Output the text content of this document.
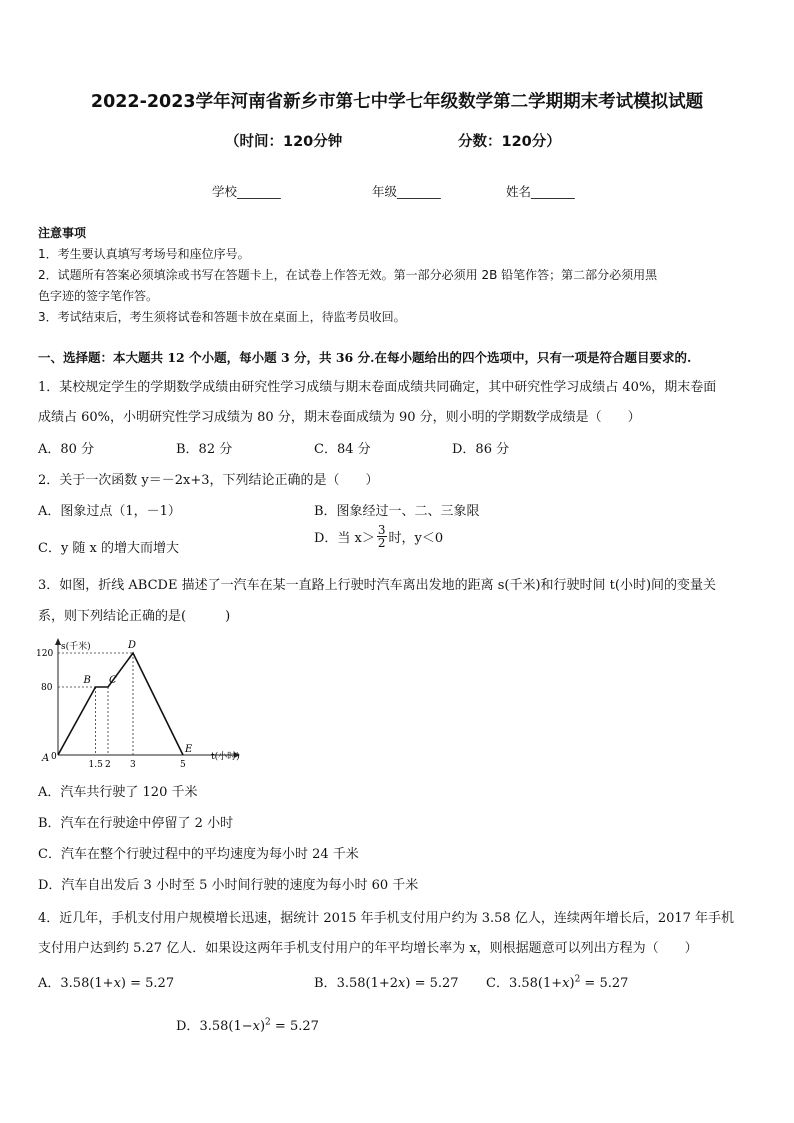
2022-2023学年河南省新乡市第七中学七年级数学第二学期期末考试模拟试题
（时间：120分钟	分数：120分）
学校_______	年级_______	姓名_______
注意事项
1．考生要认真填写考场号和座位序号。
2．试题所有答案必须填涂或书写在答题卡上，在试卷上作答无效。第一部分必须用 2B 铅笔作答；第二部分必须用黑
色字迹的签字笔作答。
3．考试结束后，考生须将试卷和答题卡放在桌面上，待监考员收回。
一、选择题：本大题共 12 个小题，每小题 3 分，共 36 分.在每小题给出的四个选项中，只有一项是符合题目要求的.
1．某校规定学生的学期数学成绩由研究性学习成绩与期末卷面成绩共同确定，其中研究性学习成绩占 40%，期末卷面
成绩占 60%，小明研究性学习成绩为 80 分，期末卷面成绩为 90 分，则小明的学期数学成绩是（　　）
A．80 分	B．82 分	C．84 分	D．86 分
2．关于一次函数 y＝－2x+3，下列结论正确的是（　　）
A．图象过点（1，－1）	B．图象经过一、二、三象限
C．y 随 x 的增大而增大
D．当 $x> \frac{3}{2}$ 时，y＜0
3．如图，折线 ABCDE 描述了一汽车在某一直路上行驶时汽车离出发地的距离 s(千米)和行驶时间 t(小时)间的变量关
系，则下列结论正确的是(　　　)
s(千米)
t(小时)
0
A
B C
D
E
1.5 2 3	5
80
120
A．汽车共行驶了 120 千米
B．汽车在行驶途中停留了 2 小时
C．汽车在整个行驶过程中的平均速度为每小时 24 千米
D．汽车自出发后 3 小时至 5 小时间行驶的速度为每小时 60 千米
4．近几年，手机支付用户规模增长迅速，据统计 2015 年手机支付用户约为 3.58 亿人，连续两年增长后，2017 年手机
支付用户达到约 5.27 亿人．如果设这两年手机支付用户的年平均增长率为 x，则根据题意可以列出方程为（　　）
A．3.58(1+x) = 5.27	B．3.58(1+2x) = 5.27 C．$3.58(1+x)^2 = 5.27$
D．$3.58(1-x)^2 = 5.27$
